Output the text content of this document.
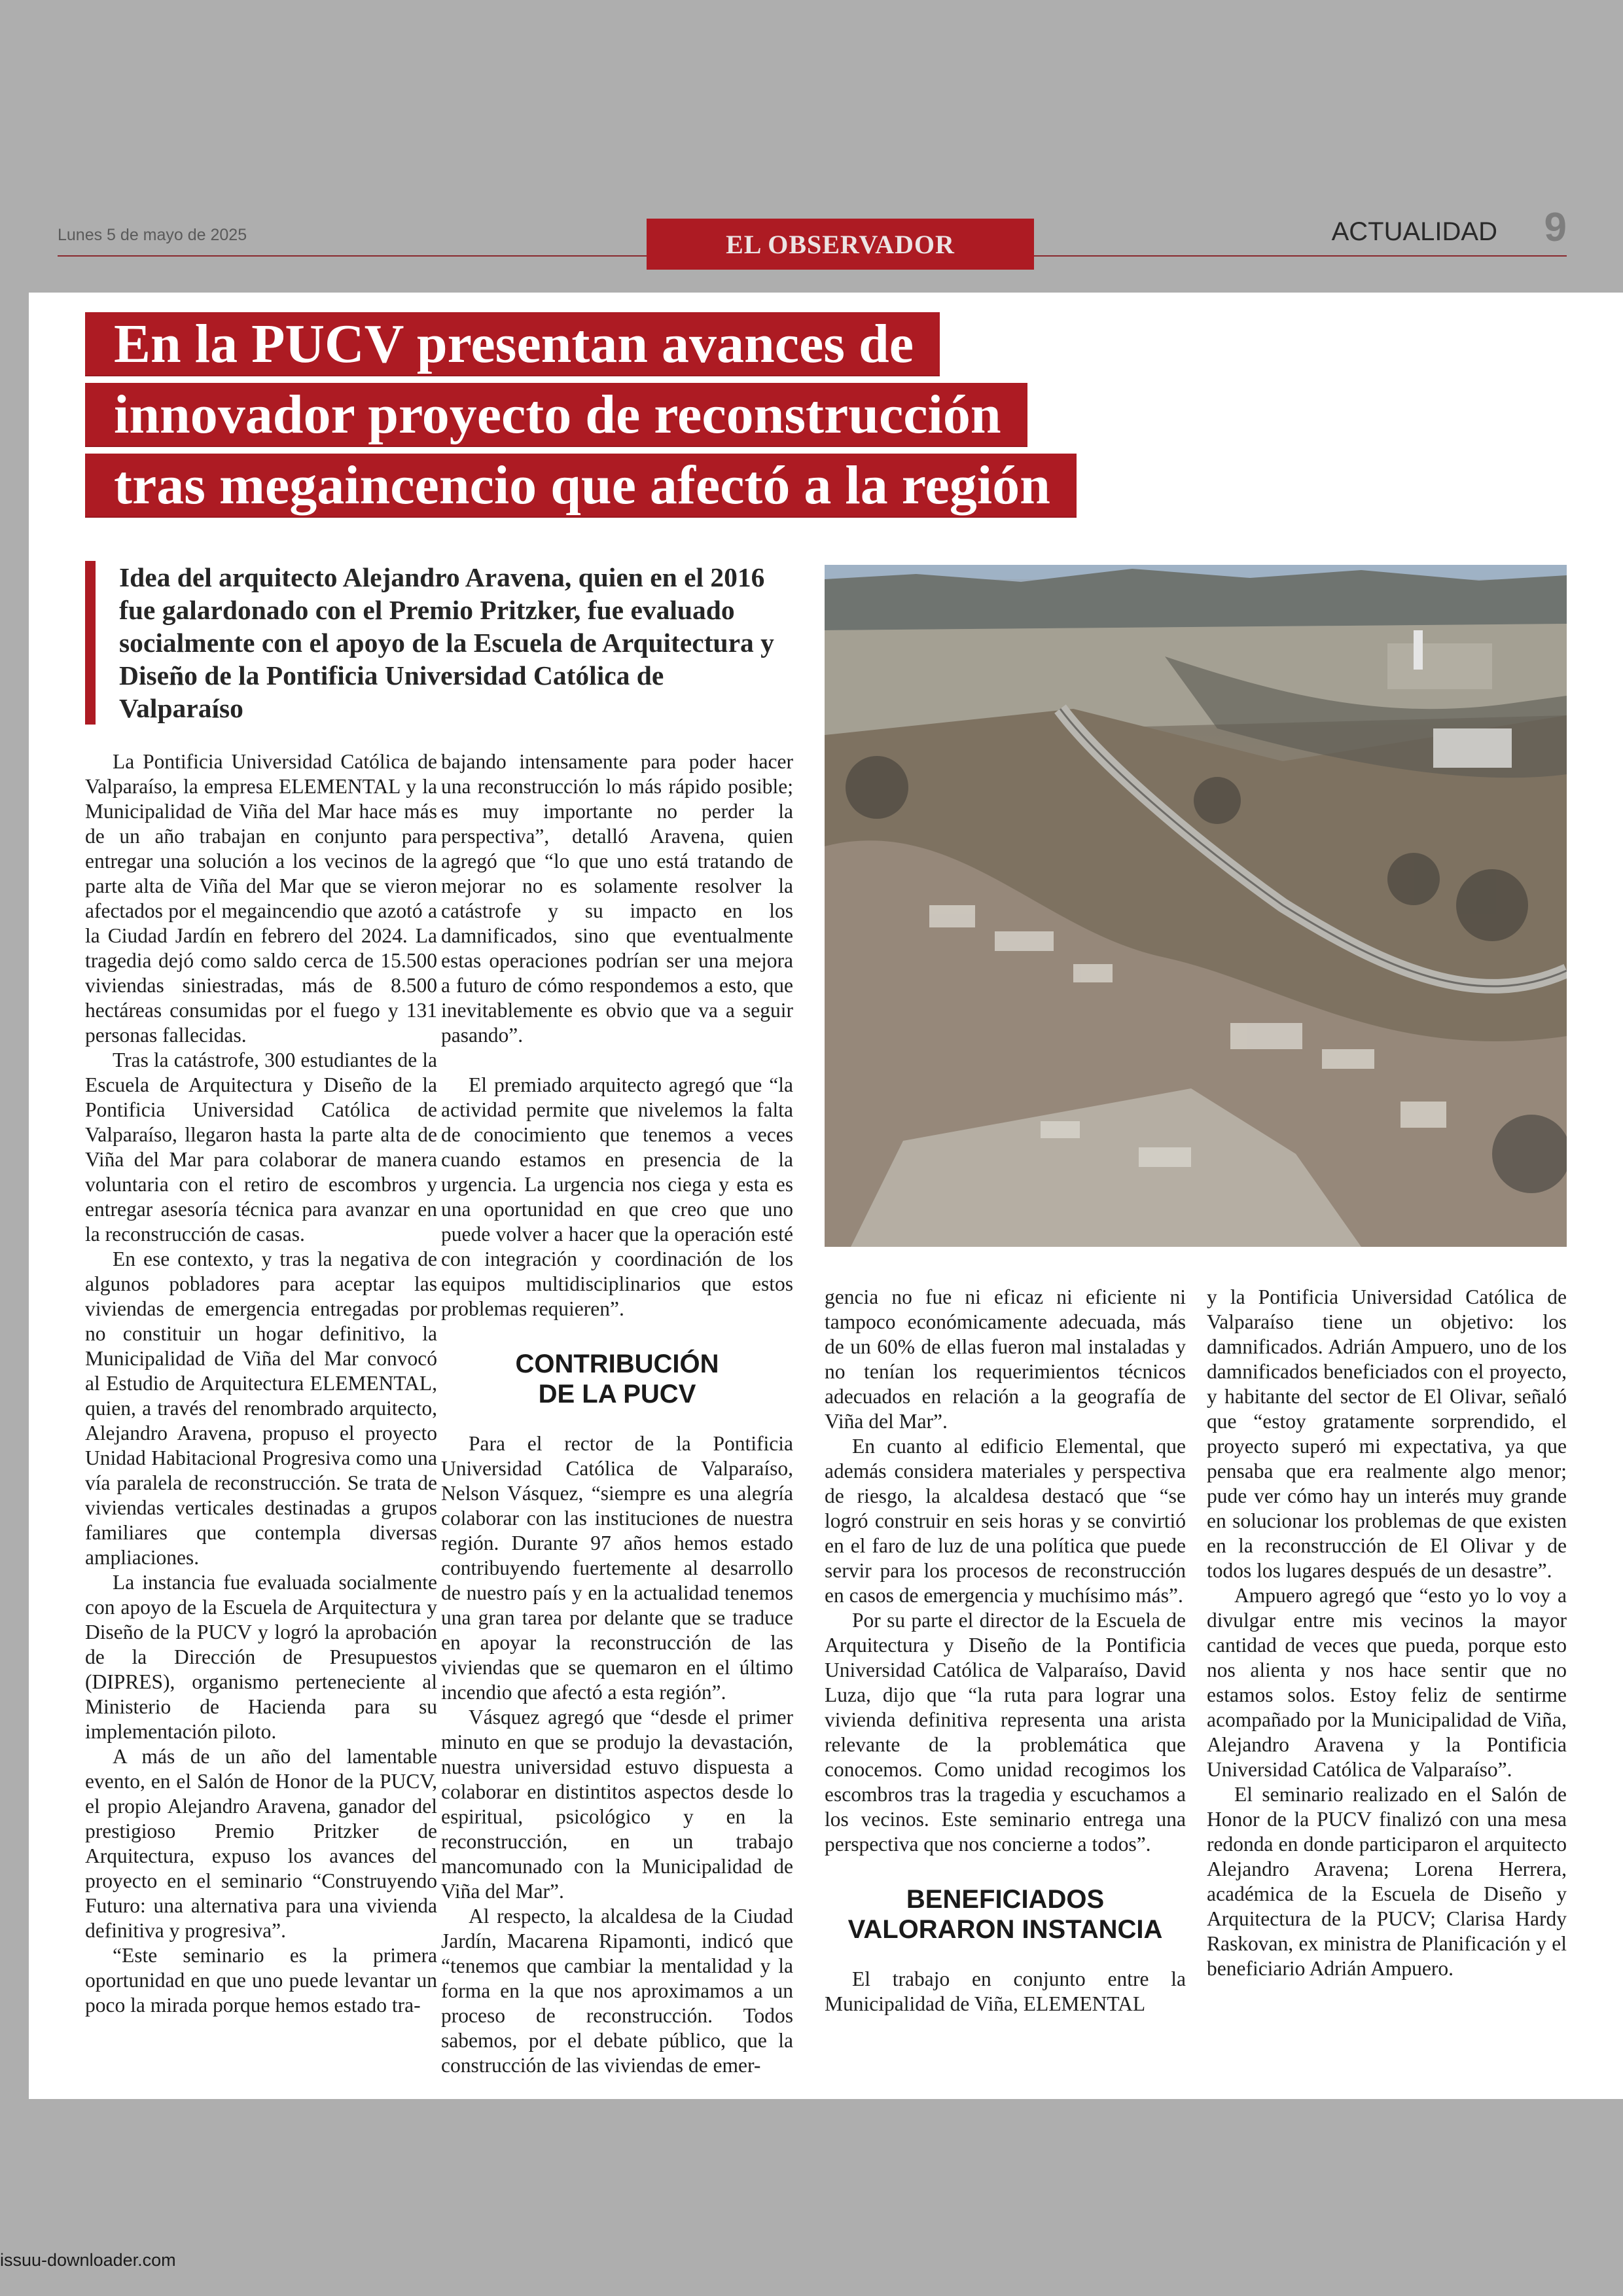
Lunes 5 de mayo de 2025	EL OBSERVADOR	ACTUALIDAD 9
En la PUCV presentan avances de
innovador proyecto de reconstrucción
tras megaincencio que afectó a la región
Idea del arquitecto Alejandro Aravena, quien en el 2016 fue galardonado con el Premio Pritzker, fue evaluado socialmente con el apoyo de la Escuela de Arquitectura y Diseño de la Pontificia Universidad Católica de Valparaíso

La Pontificia Universidad Católica de Valparaíso, la empresa ELEMENTAL y la Municipalidad de Viña del Mar hace más de un año trabajan en conjunto para entregar una solución a los vecinos de la parte alta de Viña del Mar que se vieron afectados por el megaincendio que azotó a la Ciudad Jardín en febrero del 2024. La tragedia dejó como saldo cerca de 15.500 viviendas siniestradas, más de 8.500 hectáreas consumidas por el fuego y 131 personas fallecidas.

Tras la catástrofe, 300 estudiantes de la Escuela de Arquitectura y Diseño de la Pontificia Universidad Católica de Valparaíso, llegaron hasta la parte alta de Viña del Mar para colaborar de manera voluntaria con el retiro de escombros y entregar asesoría técnica para avanzar en la reconstrucción de casas.

En ese contexto, y tras la negativa de algunos pobladores para aceptar las viviendas de emergencia entregadas por no constituir un hogar definitivo, la Municipalidad de Viña del Mar convocó al Estudio de Arquitectura ELEMENTAL, quien, a través del renombrado arquitecto, Alejandro Aravena, propuso el proyecto Unidad Habitacional Progresiva como una vía paralela de reconstrucción. Se trata de viviendas verticales destinadas a grupos familiares que contempla diversas ampliaciones.

La instancia fue evaluada socialmente con apoyo de la Escuela de Arquitectura y Diseño de la PUCV y logró la aprobación de la Dirección de Presupuestos (DIPRES), organismo perteneciente al Ministerio de Hacienda para su implementación piloto.

A más de un año del lamentable evento, en el Salón de Honor de la PUCV, el propio Alejandro Aravena, ganador del prestigioso Premio Pritzker de Arquitectura, expuso los avances del proyecto en el seminario “Construyendo Futuro: una alternativa para una vivienda definitiva y progresiva”.

“Este seminario es la primera oportunidad en que uno puede levantar un poco la mirada porque hemos estado tra-

bajando intensamente para poder hacer una reconstrucción lo más rápido posible; es muy importante no perder la perspectiva”, detalló Aravena, quien agregó que “lo que uno está tratando de mejorar no es solamente resolver la catástrofe y su impacto en los damnificados, sino que eventualmente estas operaciones podrían ser una mejora a futuro de cómo respondemos a esto, que inevitablemente es obvio que va a seguir pasando”.

El premiado arquitecto agregó que “la actividad permite que nivelemos la falta de conocimiento que tenemos a veces cuando estamos en presencia de la urgencia. La urgencia nos ciega y esta es una oportunidad en que creo que uno puede volver a hacer que la operación esté con integración y coordinación de los equipos multidisciplinarios que estos problemas requieren”.

CONTRIBUCIÓN
DE LA PUCV

Para el rector de la Pontificia Universidad Católica de Valparaíso, Nelson Vásquez, “siempre es una alegría colaborar con las instituciones de nuestra región. Durante 97 años hemos estado contribuyendo fuertemente al desarrollo de nuestro país y en la actualidad tenemos una gran tarea por delante que se traduce en apoyar la reconstrucción de las viviendas que se quemaron en el último incendio que afectó a esta región”.

Vásquez agregó que “desde el primer minuto en que se produjo la devastación, nuestra universidad estuvo dispuesta a colaborar en distintitos aspectos desde lo espiritual, psicológico y en la reconstrucción, en un trabajo mancomunado con la Municipalidad de Viña del Mar”.

Al respecto, la alcaldesa de la Ciudad Jardín, Macarena Ripamonti, indicó que “tenemos que cambiar la mentalidad y la forma en la que nos aproximamos a un proceso de reconstrucción. Todos sabemos, por el debate público, que la construcción de las viviendas de emer-

gencia no fue ni eficaz ni eficiente ni tampoco económicamente adecuada, más de un 60% de ellas fueron mal instaladas y no tenían los requerimientos técnicos adecuados en relación a la geografía de Viña del Mar”.

En cuanto al edificio Elemental, que además considera materiales y perspectiva de riesgo, la alcaldesa destacó que “se logró construir en seis horas y se convirtió en el faro de luz de una política que puede servir para los procesos de reconstrucción en casos de emergencia y muchísimo más”.

Por su parte el director de la Escuela de Arquitectura y Diseño de la Pontificia Universidad Católica de Valparaíso, David Luza, dijo que “la ruta para lograr una vivienda definitiva representa una arista relevante de la problemática que conocemos. Como unidad recogimos los escombros tras la tragedia y escuchamos a los vecinos. Este seminario entrega una perspectiva que nos concierne a todos”.

BENEFICIADOS
VALORARON INSTANCIA

El trabajo en conjunto entre la Municipalidad de Viña, ELEMENTAL

y la Pontificia Universidad Católica de Valparaíso tiene un objetivo: los damnificados. Adrián Ampuero, uno de los damnificados beneficiados con el proyecto, y habitante del sector de El Olivar, señaló que “estoy gratamente sorprendido, el proyecto superó mi expectativa, ya que pensaba que era realmente algo menor; pude ver cómo hay un interés muy grande en solucionar los problemas de que existen en la reconstrucción de El Olivar y de todos los lugares después de un desastre”.

Ampuero agregó que “esto yo lo voy a divulgar entre mis vecinos la mayor cantidad de veces que pueda, porque esto nos alienta y nos hace sentir que no estamos solos. Estoy feliz de sentirme acompañado por la Municipalidad de Viña, Alejandro Aravena y la Pontificia Universidad Católica de Valparaíso”.

El seminario realizado en el Salón de Honor de la PUCV finalizó con una mesa redonda en donde participaron el arquitecto Alejandro Aravena; Lorena Herrera, académica de la Escuela de Diseño y Arquitectura de la PUCV; Clarisa Hardy Raskovan, ex ministra de Planificación y el beneficiario Adrián Ampuero.

issuu-downloader.com
